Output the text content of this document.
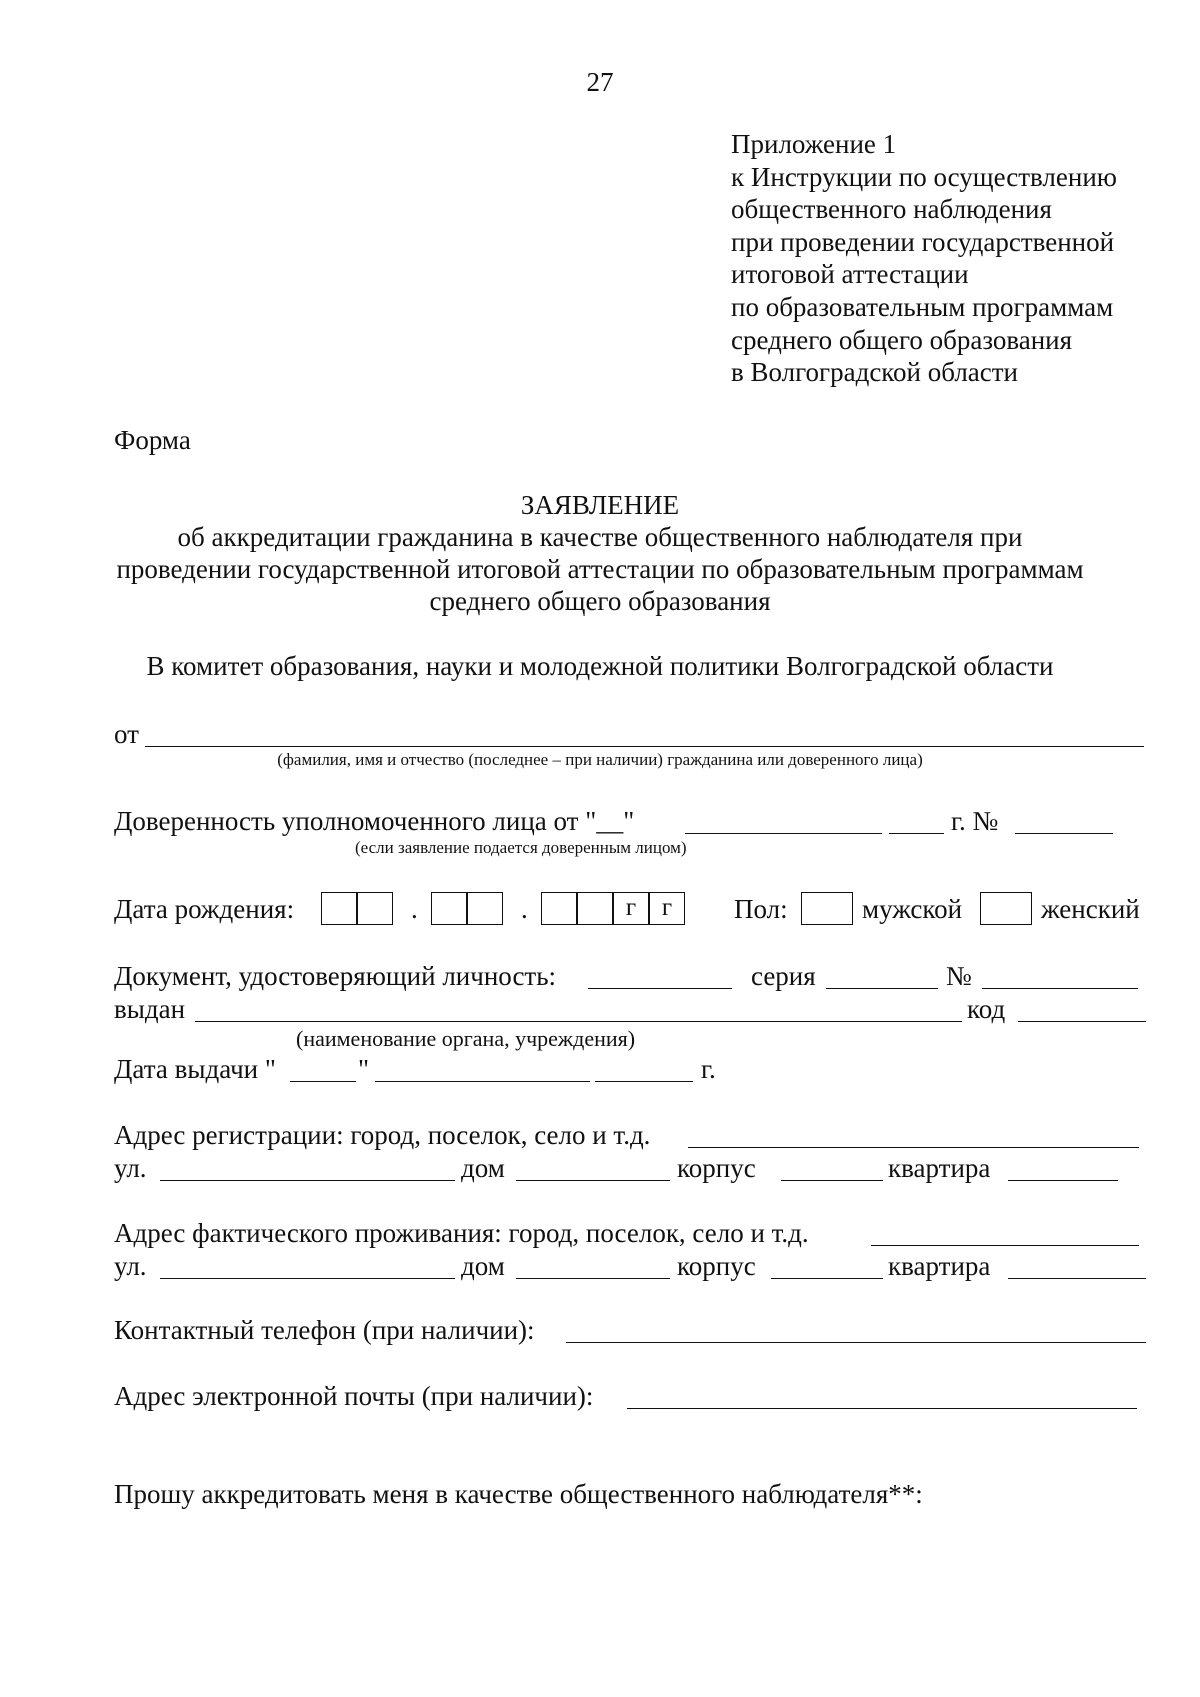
27
Приложение 1
к Инструкции по осуществлению
общественного наблюдения
при проведении государственной
итоговой аттестации
по образовательным программам
среднего общего образования
в Волгоградской области
Форма
ЗАЯВЛЕНИЕ
об аккредитации гражданина в качестве общественного наблюдателя при
проведении государственной итоговой аттестации по образовательным программам
среднего общего образования
В комитет образования, науки и молодежной политики Волгоградской области
от
(фамилия, имя и отчество (последнее – при наличии) гражданина или доверенного лица)
Доверенность уполномоченного лица от "__"	г. №
(если заявление подается доверенным лицом)
Дата рождения:	.	.	г	г	Пол:	мужской	женский
Документ, удостоверяющий личность:	серия	№
выдан	код
(наименование органа, учреждения)
Дата выдачи "	"	г.
Адрес регистрации: город, поселок, село и т.д.
ул.	дом	корпус	квартира
Адрес фактического проживания: город, поселок, село и т.д.
ул.	дом	корпус	квартира
Контактный телефон (при наличии):
Адрес электронной почты (при наличии):
Прошу аккредитовать меня в качестве общественного наблюдателя**:
